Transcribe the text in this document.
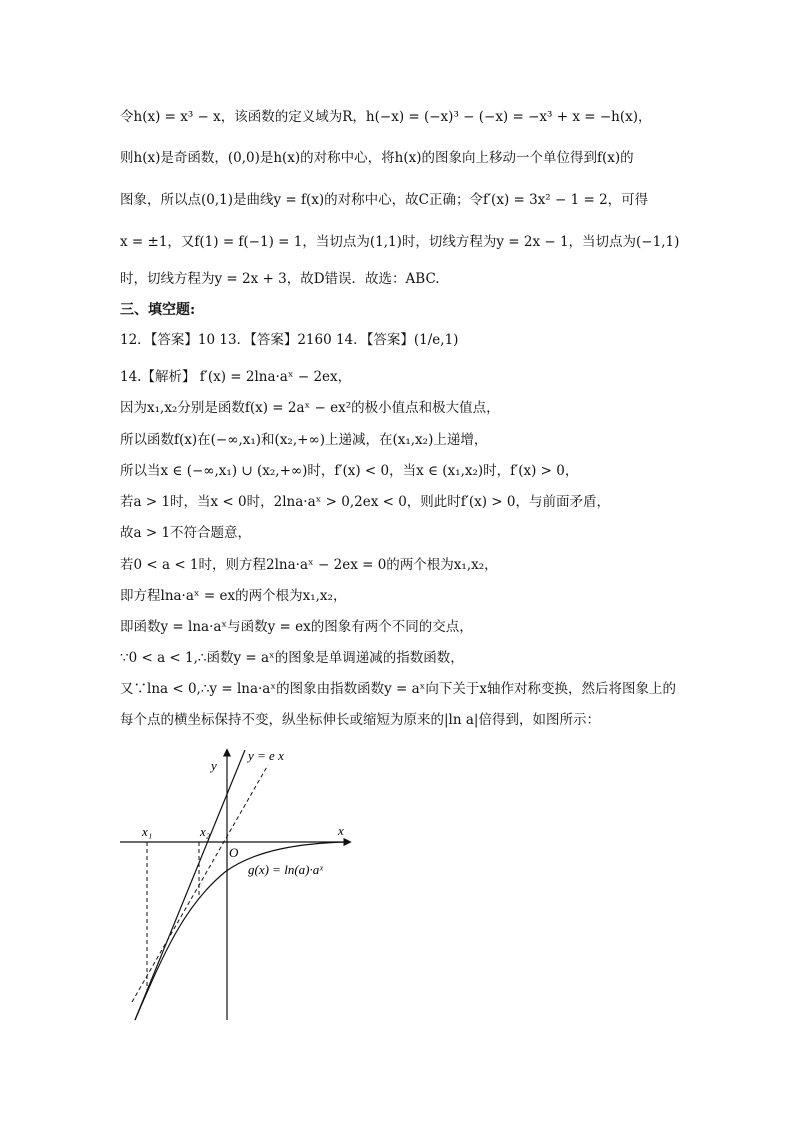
令h(x) = x³ − x，该函数的定义域为R，h(−x) = (−x)³ − (−x) = −x³ + x = −h(x)，
则h(x)是奇函数，(0,0)是h(x)的对称中心，将h(x)的图象向上移动一个单位得到f(x)的
图象，所以点(0,1)是曲线y = f(x)的对称中心，故C正确；令f′(x) = 3x² − 1 = 2，可得
x = ±1，又f(1) = f(−1) = 1，当切点为(1,1)时，切线方程为y = 2x − 1，当切点为(−1,1)
时，切线方程为y = 2x + 3，故D错误．故选：ABC.
三、填空题:
12．【答案】10 13．【答案】2160 14．【答案】(1/e,1)
14.【解析】 f′(x) = 2lna·aˣ − 2ex，
因为x₁,x₂分别是函数f(x) = 2aˣ − ex²的极小值点和极大值点，
所以函数f(x)在(−∞,x₁)和(x₂,+∞)上递减，在(x₁,x₂)上递增，
所以当x ∈ (−∞,x₁) ∪ (x₂,+∞)时，f′(x) < 0，当x ∈ (x₁,x₂)时，f′(x) > 0，
若a > 1时，当x < 0时，2lna·aˣ > 0,2ex < 0，则此时f′(x) > 0，与前面矛盾，
故a > 1不符合题意，
若0 < a < 1时，则方程2lna·aˣ − 2ex = 0的两个根为x₁,x₂，
即方程lna·aˣ = ex的两个根为x₁,x₂，
即函数y = lna·aˣ与函数y = ex的图象有两个不同的交点，
∵0 < a < 1,∴函数y = aˣ的图象是单调递减的指数函数，
又∵lna < 0,∴y = lna·aˣ的图象由指数函数y = aˣ向下关于x轴作对称变换，然后将图象上的
每个点的横坐标保持不变，纵坐标伸长或缩短为原来的|ln a|倍得到，如图所示：
y
x
O
x₁	x₂
y = e x
g(x) = ln(a)·aˣ
